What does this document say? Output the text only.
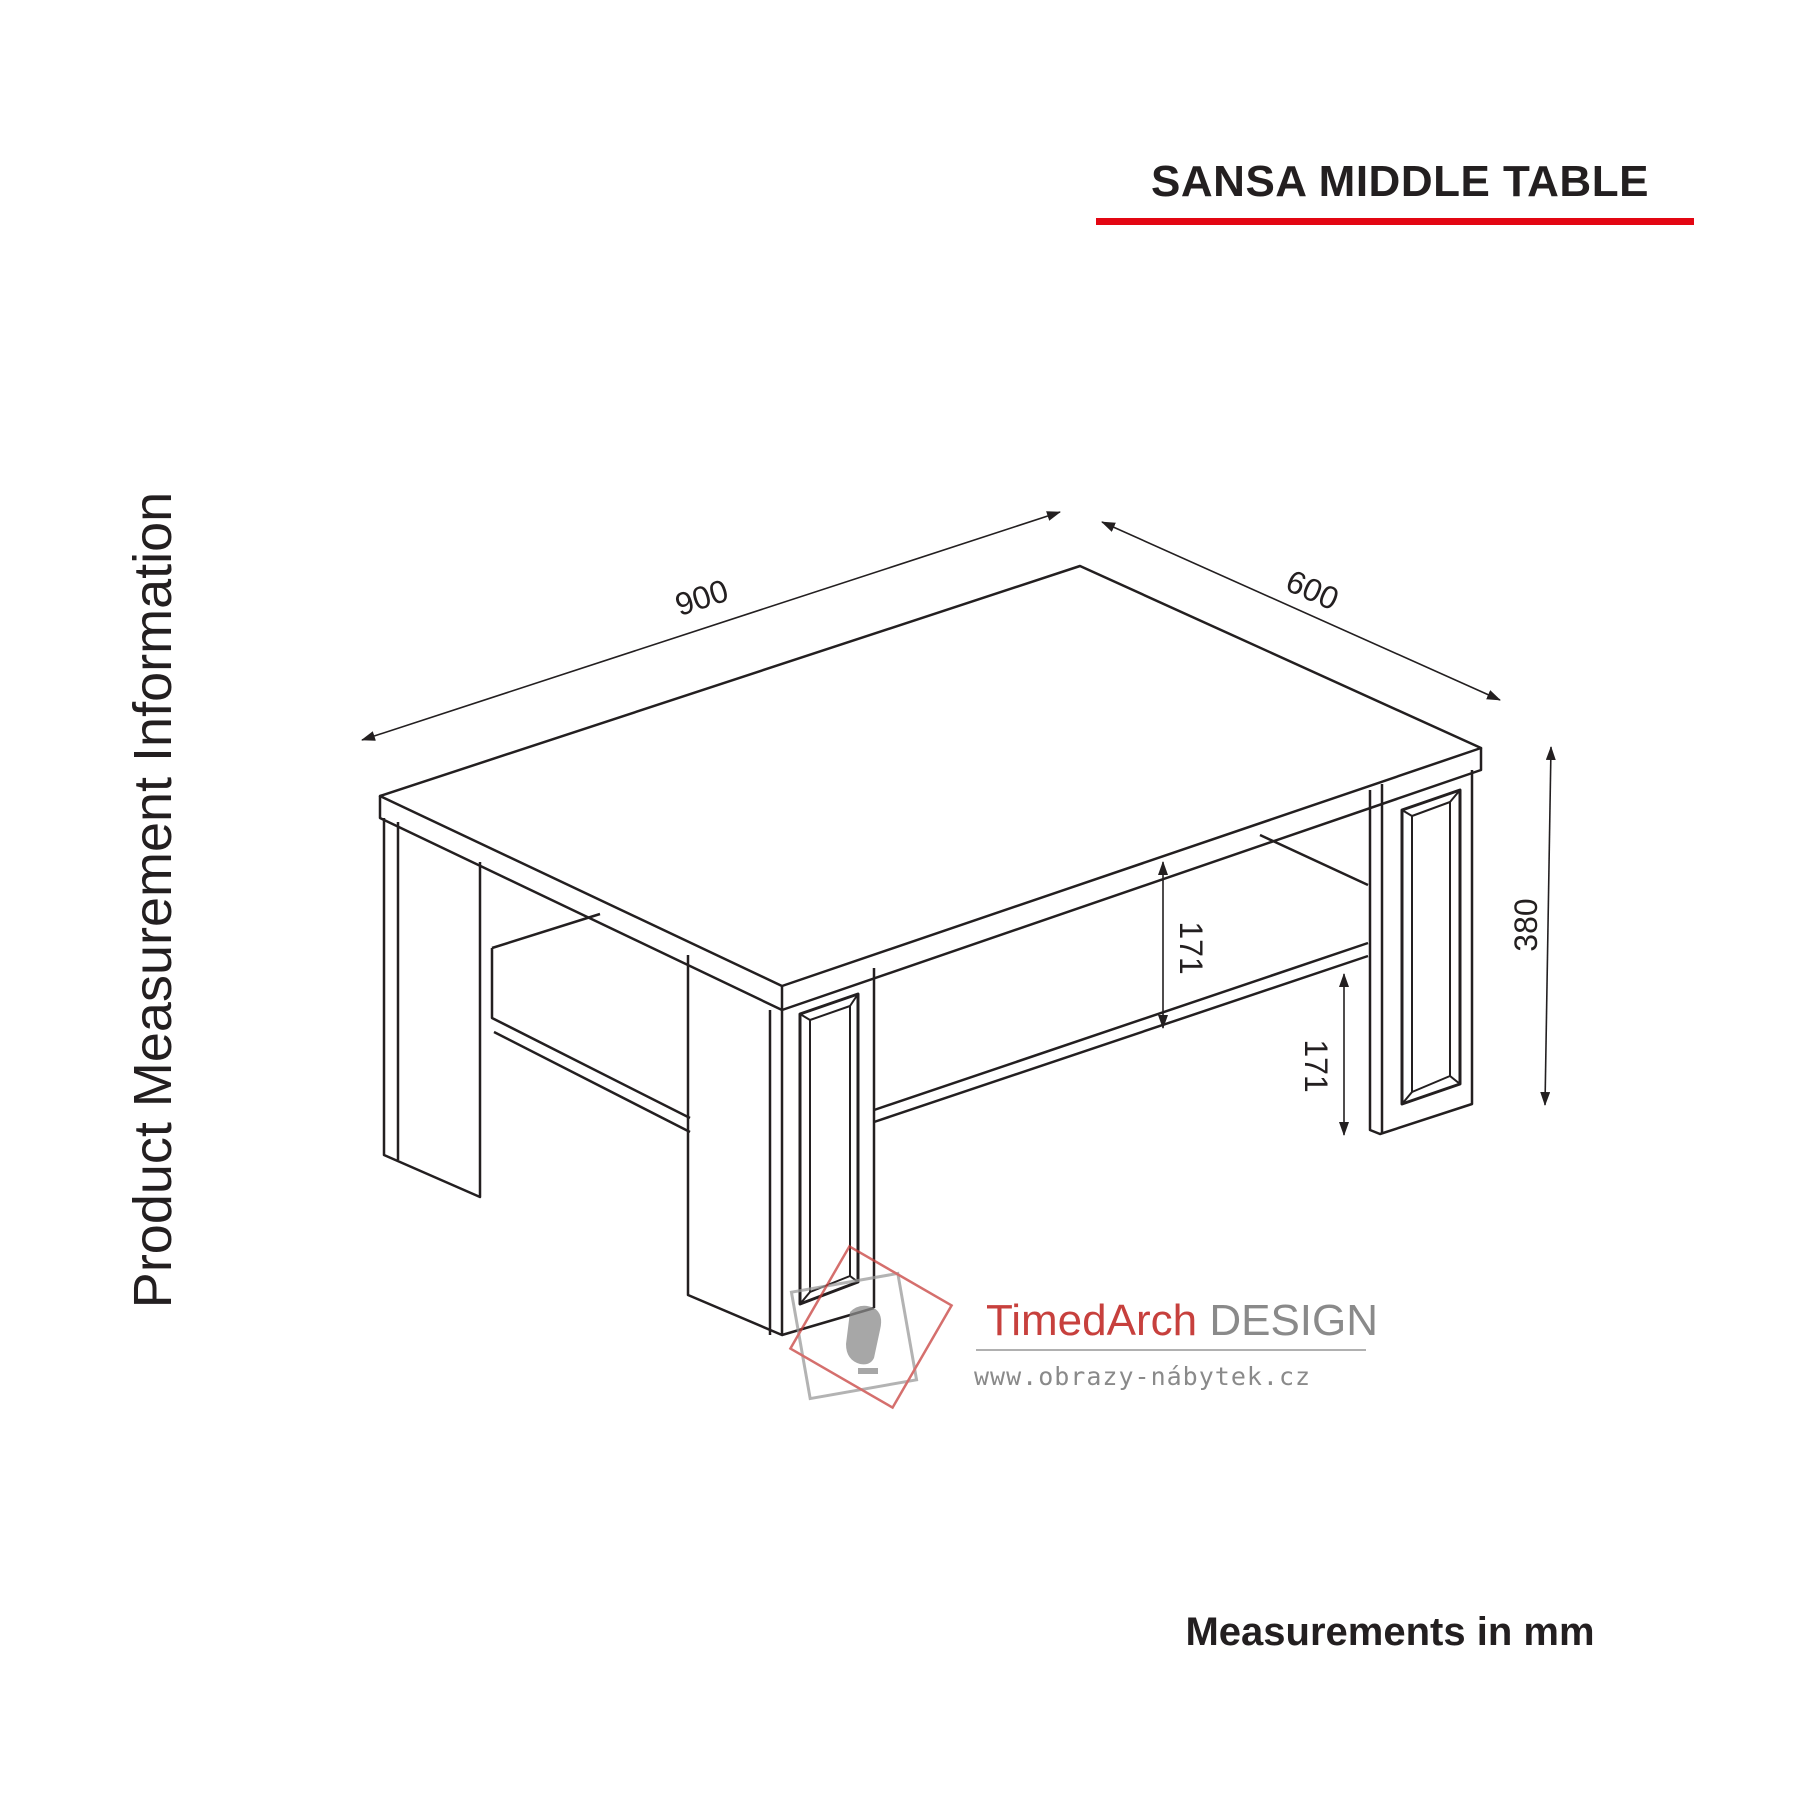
SANSA MIDDLE TABLE
Product Measurement Information	900	600
380
171
171
TimedArch DESIGN
www.obrazy-nábytek.cz
Measurements in mm
